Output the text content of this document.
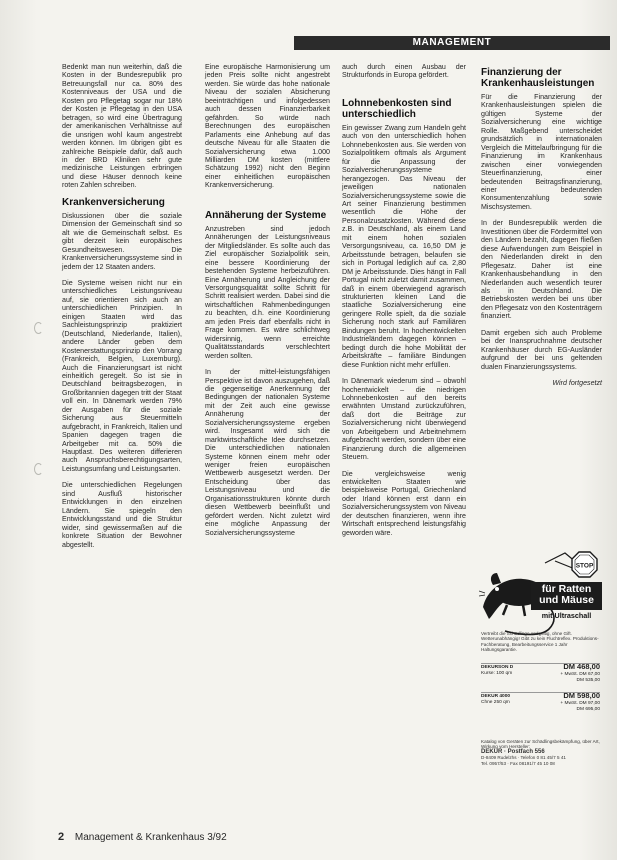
MANAGEMENT

Bedenkt man nun weiterhin, daß die Kosten in der Bundesrepublik pro Betreuungsfall nur ca. 80% des Kostenniveaus der USA und die Kosten pro Pflegetag sogar nur 18% der Kosten je Pflegetag in den USA betragen, so wird eine Übertragung der amerikanischen Verhältnisse auf die unsrigen wohl kaum angestrebt werden können. Im übrigen gibt es zahlreiche Beispiele dafür, daß auch in der BRD Kliniken sehr gute medizinische Leistungen erbringen und diese Häuser dennoch keine roten Zahlen schreiben.

Krankenversicherung

Diskussionen über die soziale Dimension der Gemeinschaft sind so alt wie die Gemeinschaft selbst. Es gibt derzeit kein europäisches Gesundheitswesen. Die Krankenversicherungssysteme sind in jedem der 12 Staaten anders.

Die Systeme weisen nicht nur ein unterschiedliches Leistungsniveau auf, sie orientieren sich auch an unterschiedlichen Prinzipien. In einigen Staaten wird das Sachleistungsprinzip praktiziert (Deutschland, Niederlande, Italien), andere Länder geben dem Kostenerstattungsprinzip den Vorrang (Frankreich, Belgien, Luxemburg). Auch die Finanzierungsart ist nicht einheitlich geregelt. So ist sie in Deutschland beitragsbezogen, in Großbritannien dagegen tritt der Staat voll ein. In Dänemark werden 79% der Ausgaben für die soziale Sicherung aus Steuermitteln aufgebracht, in Frankreich, Italien und Spanien dagegen tragen die Arbeitgeber mit ca. 50% die Hauptlast. Des weiteren differieren auch Anspruchsberechtigungsarten, Leistungsumfang und Leistungsarten.

Die unterschiedlichen Regelungen sind Ausfluß historischer Entwicklungen in den einzelnen Ländern. Sie spiegeln den Entwicklungsstand und die Struktur wider, sind gewissermaßen auf die konkrete Situation der Bewohner abgestellt.

Eine europäische Harmonisierung um jeden Preis sollte nicht angestrebt werden. Sie würde das hohe nationale Niveau der sozialen Absicherung beeinträchtigen und infolgedessen auch dessen Finanzierbarkeit gefährden. So würde nach Berechnungen des europäischen Parlaments eine Anhebung auf das deutsche Niveau für alle Staaten die Sozialversicherung etwa 1.000 Milliarden DM kosten (mittlere Schätzung 1992) nicht den Beginn einer einheitlichen europäischen Krankenversicherung.

Annäherung der Systeme

Anzustreben sind jedoch Annäherungen der Leistungsniveaus der Mitgliedsländer. Es sollte auch das Ziel europäischer Sozialpolitik sein, eine bessere Koordinierung der bestehenden Systeme herbeizuführen. Eine Annäherung und Angleichung der Versorgungsqualität sollte Schritt für Schritt realisiert werden. Dabei sind die wirtschaftlichen Rahmenbedingungen zu beachten, d.h. eine Koordinierung am jeden Preis darf ebenfalls nicht in Frage kommen. Es wäre schlichtweg widersinnig, wenn erreichte Qualitätsstandards verschlechtert werden sollten.

In der mittel-leistungsfähigen Perspektive ist davon auszugehen, daß die gegenseitige Anerkennung der Bedingungen der nationalen Systeme mit der Zeit auch eine gewisse Annäherung der Sozialversicherungssysteme ergeben wird. Insgesamt wird sich die marktwirtschaftliche Idee durchsetzen. Die unterschiedlichen nationalen Systeme können einem mehr oder weniger freien europäischen Wettbewerb ausgesetzt werden. Der Entscheidung über das Leistungsniveau und die Organisationsstrukturen könnte durch diesen Wettbewerb beeinflußt und gefördert werden. Nicht zuletzt wird eine mögliche Anpassung der Sozialversicherungssysteme

auch durch einen Ausbau der Strukturfonds in Europa gefördert.

Lohnnebenkosten sind unterschiedlich

Ein gewisser Zwang zum Handeln geht auch von den unterschiedlich hohen Lohnnebenkosten aus. Sie werden von Sozialpolitikern oftmals als Argument für die Anpassung der Sozialversicherungssysteme herangezogen. Das Niveau der jeweiligen nationalen Sozialversicherungssysteme sowie die Art seiner Finanzierung bestimmen wesentlich die Höhe der Personalzusatzkosten. Während diese z.B. in Deutschland, als einem Land mit einem hohen sozialen Versorgungsniveau, ca. 16,50 DM je Arbeitsstunde betragen, belaufen sie sich in Portugal lediglich auf ca. 2,80 DM je Arbeitsstunde. Dies hängt in Fall Portugal nicht zuletzt damit zusammen, daß in einem überwiegend agrarisch strukturierten kleinen Land die staatliche Sozialversicherung eine geringere Rolle spielt, da die soziale Sicherung noch stark auf Familiären Bindungen beruht. In hochentwickelten Industrieländern dagegen können – bedingt durch die hohe Mobilität der Arbeitskräfte – familiäre Bindungen diese Funktion nicht mehr erfüllen.

In Dänemark wiederum sind – obwohl hochentwickelt – die niedrigen Lohnnebenkosten auf den bereits erwähnten Umstand zurückzuführen, daß dort die Beiträge zur Sozialversicherung nicht überwiegend von Arbeitgebern und Arbeitnehmern aufgebracht werden, sondern über eine Finanzierung durch die allgemeinen Steuern.

Die vergleichsweise wenig entwickelten Staaten wie beispielsweise Portugal, Griechenland oder Irland können erst dann ein Sozialversicherungssystem von Niveau der deutschen finanzieren, wenn ihre Wirtschaft entsprechend leistungsfähig geworden wäre.

Finanzierung der Krankenhausleistungen

Für die Finanzierung der Krankenhausleistungen spielen die gültigen Systeme der Sozialversicherung eine wichtige Rolle. Maßgebend unterscheidet grundsätzlich in internationalen Vergleich die Mittelaufbringung für die Finanzierung im Krankenhaus zwischen einer vorwiegenden Steuerfinanzierung, einer bedeutenden Beitragsfinanzierung, einer bedeutenden Konsumentenzahlung sowie Mischsystemen.

In der Bundesrepublik werden die Investitionen über die Fördermittel von den Ländern bezahlt, dagegen fließen diese Aufwendungen zum Beispiel in den Niederlanden direkt in den Pflegesatz. Daher ist eine Krankenhausbehandlung in den Niederlanden auch wesentlich teurer als in Deutschland. Die Betriebskosten werden bei uns über den Pflegesatz von den Kostenträgern finanziert.

Damit ergeben sich auch Probleme bei der Inanspruchnahme deutscher Krankenhäuser durch EG-Ausländer aufgrund der bei uns geltenden dualen Finanzierungssystems.

Wird fortgesetzt

STOP
für Ratten
und Mäuse
mit Ultraschall
Vertreibt die Schädlinge endgültig, ohne Gift. Wetterunabhängig! Gibt zu kein Fluchtreflex. Produktions-Fachberatung, Bearbeitungsservice 1 Jahr Haltungsgarantie.
DEKURSON D
Kurse: 100 qm
DM 468,00
+ MwSt. DM 67,00
DM 535,00
DEKUR 4000
Chne 250 qm
DM 598,00
+ MwSt. DM 97,00
DM 695,00
Katalog von Geräten zur Schädlingsbekämpfung, über Art, Wirkung vom Hersteller:
DEKUR · Postfach 556
D-8409 Rudelzhs · Telefon 0 81 45/7 5 41
Tel. 0957/53 · Fax 08191/7 45 10 08
2 Management & Krankenhaus 3/92
